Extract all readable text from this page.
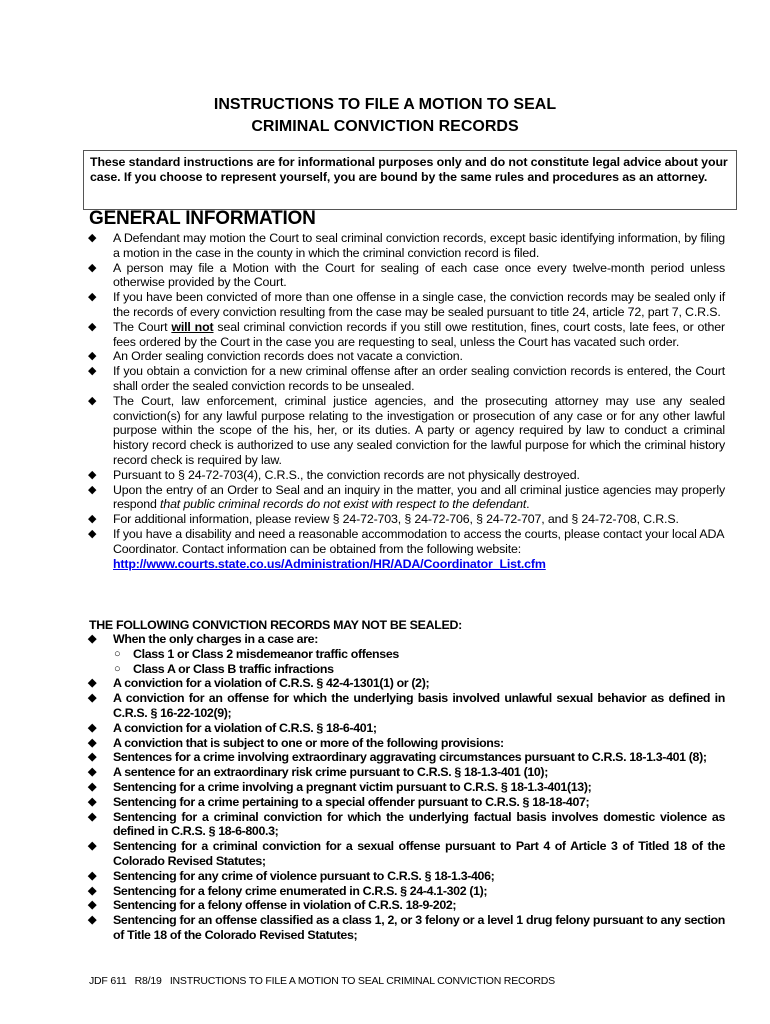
INSTRUCTIONS TO FILE A MOTION TO SEAL
CRIMINAL CONVICTION RECORDS
These standard instructions are for informational purposes only and do not constitute legal advice about your case. If you choose to represent yourself, you are bound by the same rules and procedures as an attorney.
GENERAL INFORMATION
◆ A Defendant may motion the Court to seal criminal conviction records, except basic identifying information, by filing a motion in the case in the county in which the criminal conviction record is filed.
◆ A person may file a Motion with the Court for sealing of each case once every twelve-month period unless otherwise provided by the Court.
◆ If you have been convicted of more than one offense in a single case, the conviction records may be sealed only if the records of every conviction resulting from the case may be sealed pursuant to title 24, article 72, part 7, C.R.S.
◆ The Court will not seal criminal conviction records if you still owe restitution, fines, court costs, late fees, or other fees ordered by the Court in the case you are requesting to seal, unless the Court has vacated such order.
◆ An Order sealing conviction records does not vacate a conviction.
◆ If you obtain a conviction for a new criminal offense after an order sealing conviction records is entered, the Court shall order the sealed conviction records to be unsealed.
◆ The Court, law enforcement, criminal justice agencies, and the prosecuting attorney may use any sealed conviction(s) for any lawful purpose relating to the investigation or prosecution of any case or for any other lawful purpose within the scope of the his, her, or its duties. A party or agency required by law to conduct a criminal history record check is authorized to use any sealed conviction for the lawful purpose for which the criminal history record check is required by law.
◆ Pursuant to § 24-72-703(4), C.R.S., the conviction records are not physically destroyed.
◆ Upon the entry of an Order to Seal and an inquiry in the matter, you and all criminal justice agencies may properly respond that public criminal records do not exist with respect to the defendant.
◆ For additional information, please review § 24-72-703, § 24-72-706, § 24-72-707, and § 24-72-708, C.R.S.
◆ If you have a disability and need a reasonable accommodation to access the courts, please contact your local ADA Coordinator. Contact information can be obtained from the following website:
http://www.courts.state.co.us/Administration/HR/ADA/Coordinator_List.cfm
THE FOLLOWING CONVICTION RECORDS MAY NOT BE SEALED:
◆ When the only charges in a case are:
○ Class 1 or Class 2 misdemeanor traffic offenses
○ Class A or Class B traffic infractions
◆ A conviction for a violation of C.R.S. § 42-4-1301(1) or (2);
◆ A conviction for an offense for which the underlying basis involved unlawful sexual behavior as defined in C.R.S. § 16-22-102(9);
◆ A conviction for a violation of C.R.S. § 18-6-401;
◆ A conviction that is subject to one or more of the following provisions:
◆ Sentences for a crime involving extraordinary aggravating circumstances pursuant to C.R.S. 18-1.3-401 (8);
◆ A sentence for an extraordinary risk crime pursuant to C.R.S. § 18-1.3-401 (10);
◆ Sentencing for a crime involving a pregnant victim pursuant to C.R.S. § 18-1.3-401(13);
◆ Sentencing for a crime pertaining to a special offender pursuant to C.R.S. § 18-18-407;
◆ Sentencing for a criminal conviction for which the underlying factual basis involves domestic violence as defined in C.R.S. § 18-6-800.3;
◆ Sentencing for a criminal conviction for a sexual offense pursuant to Part 4 of Article 3 of Titled 18 of the Colorado Revised Statutes;
◆ Sentencing for any crime of violence pursuant to C.R.S. § 18-1.3-406;
◆ Sentencing for a felony crime enumerated in C.R.S. § 24-4.1-302 (1);
◆ Sentencing for a felony offense in violation of C.R.S. 18-9-202;
◆ Sentencing for an offense classified as a class 1, 2, or 3 felony or a level 1 drug felony pursuant to any section of Title 18 of the Colorado Revised Statutes;
JDF 611   R8/19   INSTRUCTIONS TO FILE A MOTION TO SEAL CRIMINAL CONVICTION RECORDS
